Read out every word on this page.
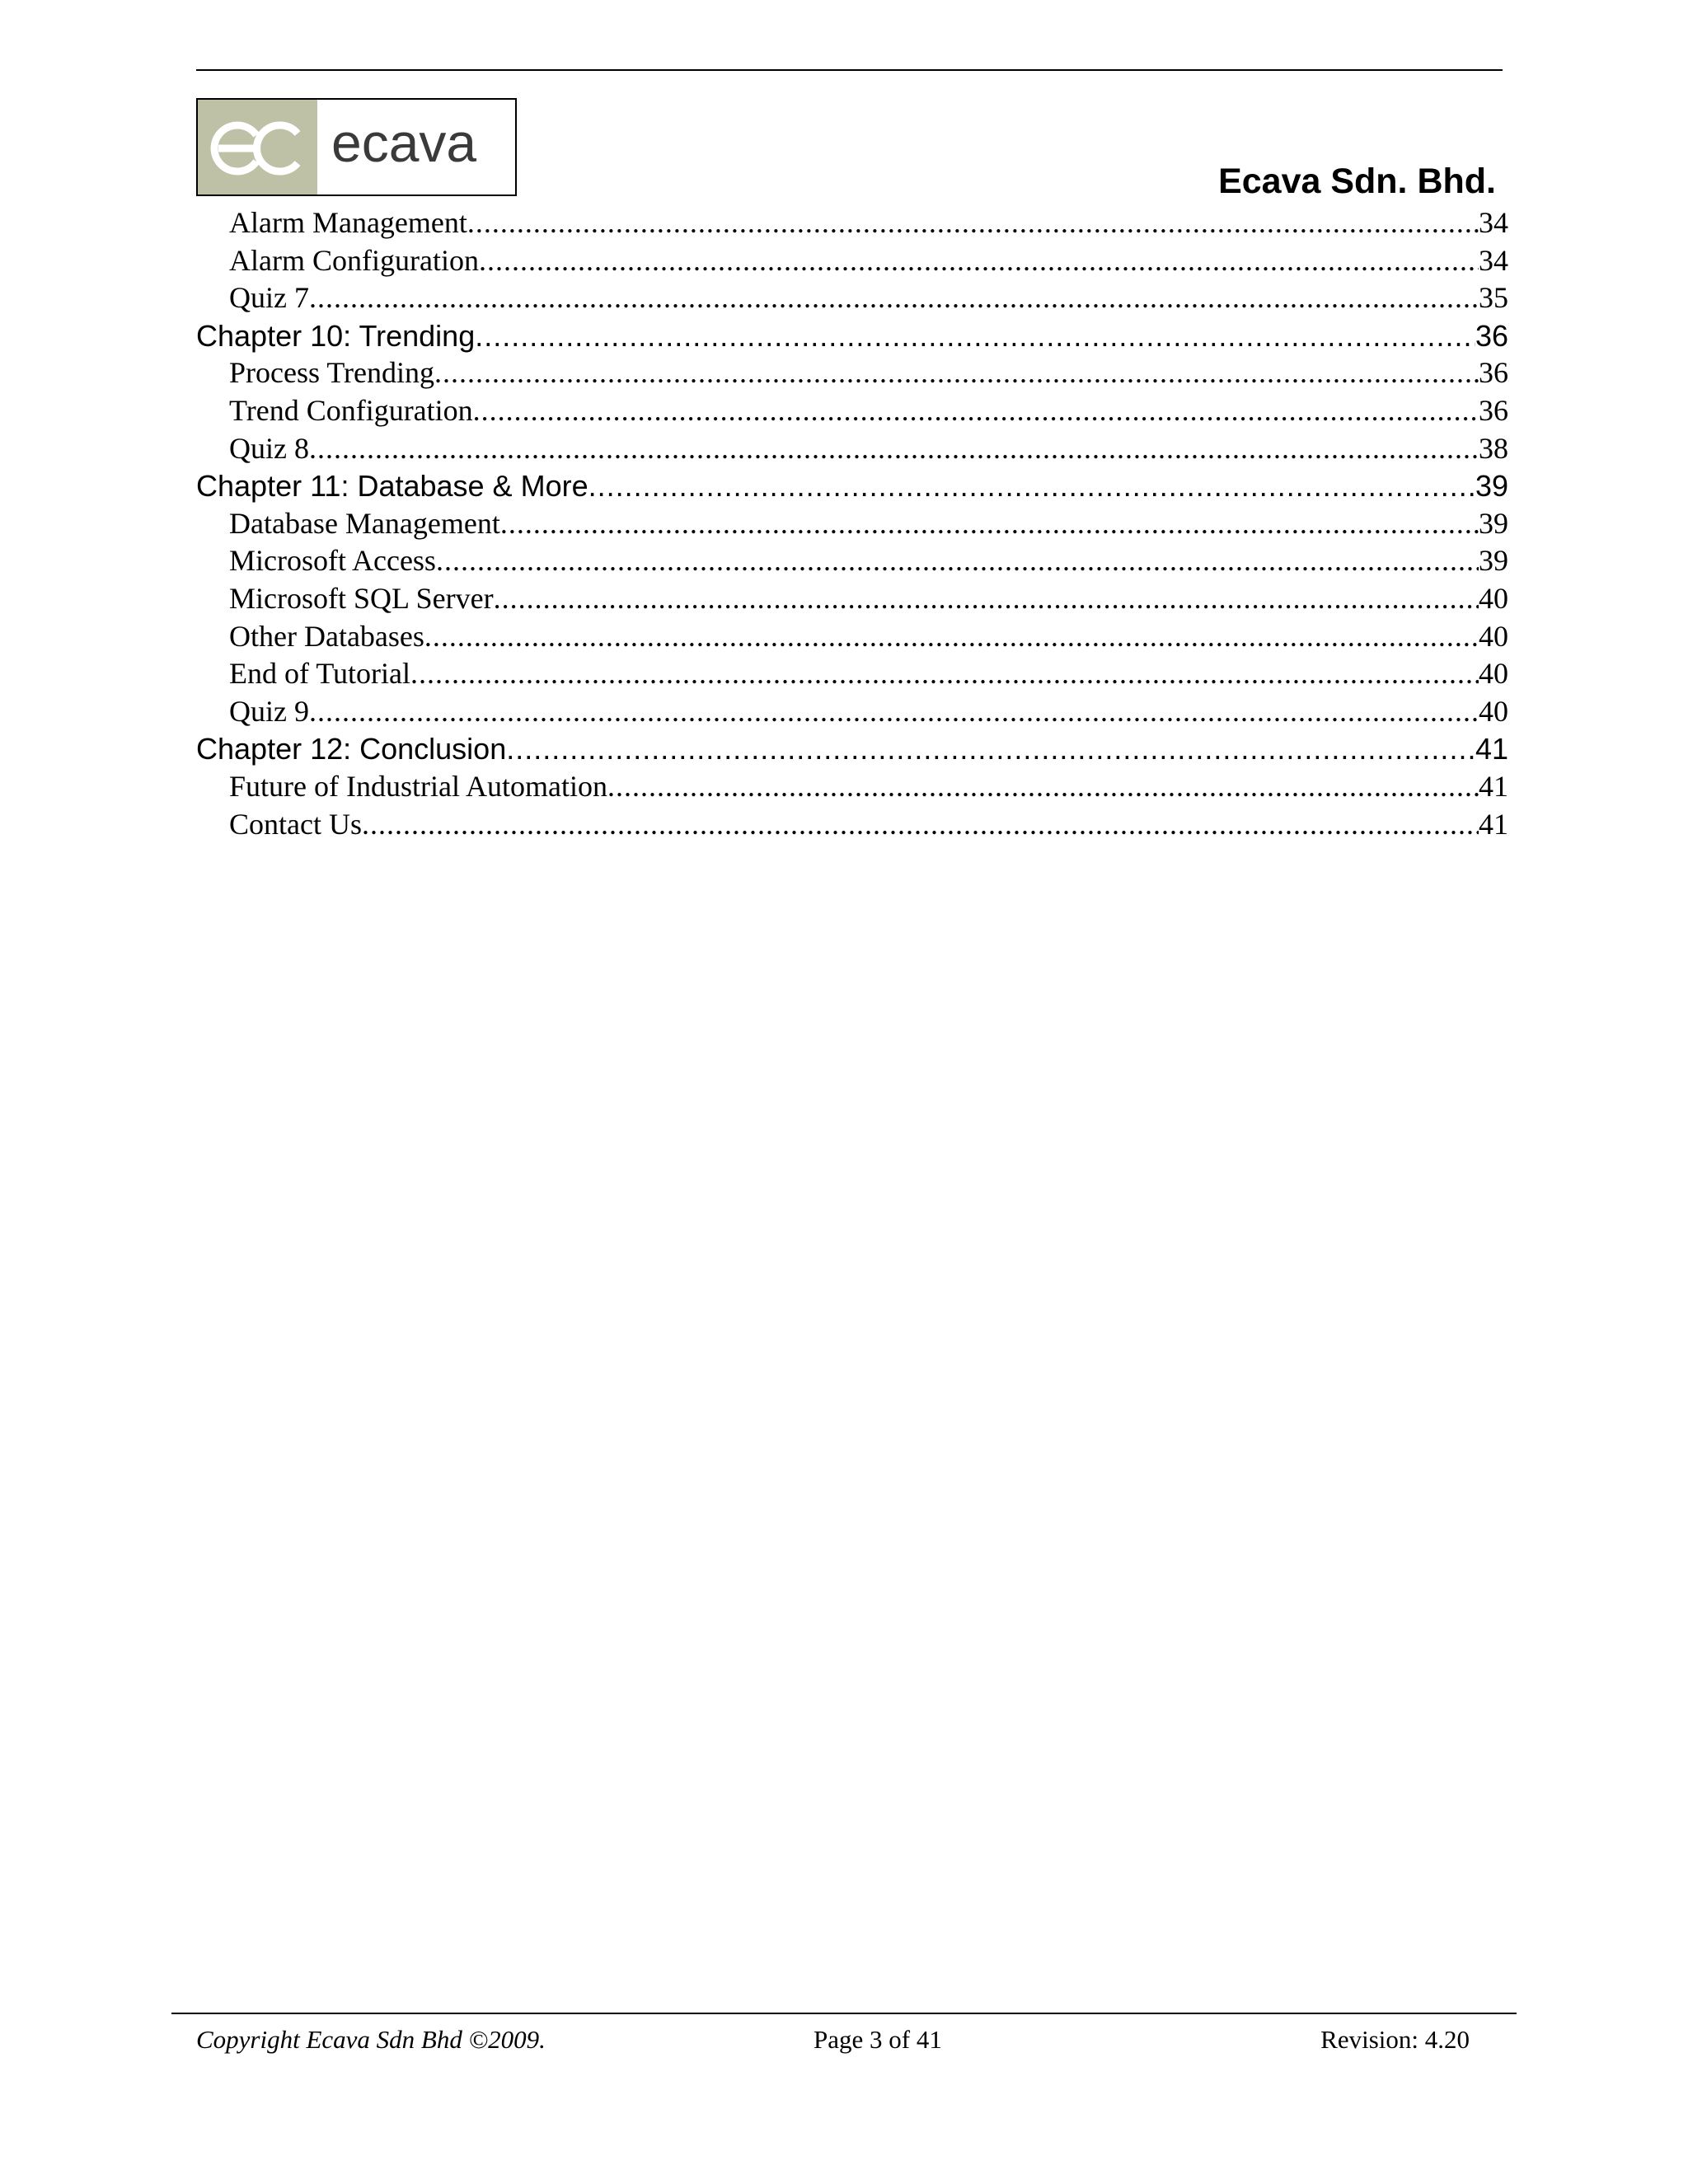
ecava
Ecava Sdn. Bhd.
Alarm Management .....	34
Alarm Configuration .....	34
Quiz 7 .....	35
Chapter 10: Trending .....	36
Process Trending .....	36
Trend Configuration .....	36
Quiz 8 .....	38
Chapter 11: Database & More .....	39
Database Management .....	39
Microsoft Access .....	39
Microsoft SQL Server .....	40
Other Databases .....	40
End of Tutorial .....	40
Quiz 9 .....	40
Chapter 12: Conclusion .....	41
Future of Industrial Automation .....	41
Contact Us .....	41
Copyright Ecava Sdn Bhd ©2009.	Page 3 of 41	Revision: 4.20
